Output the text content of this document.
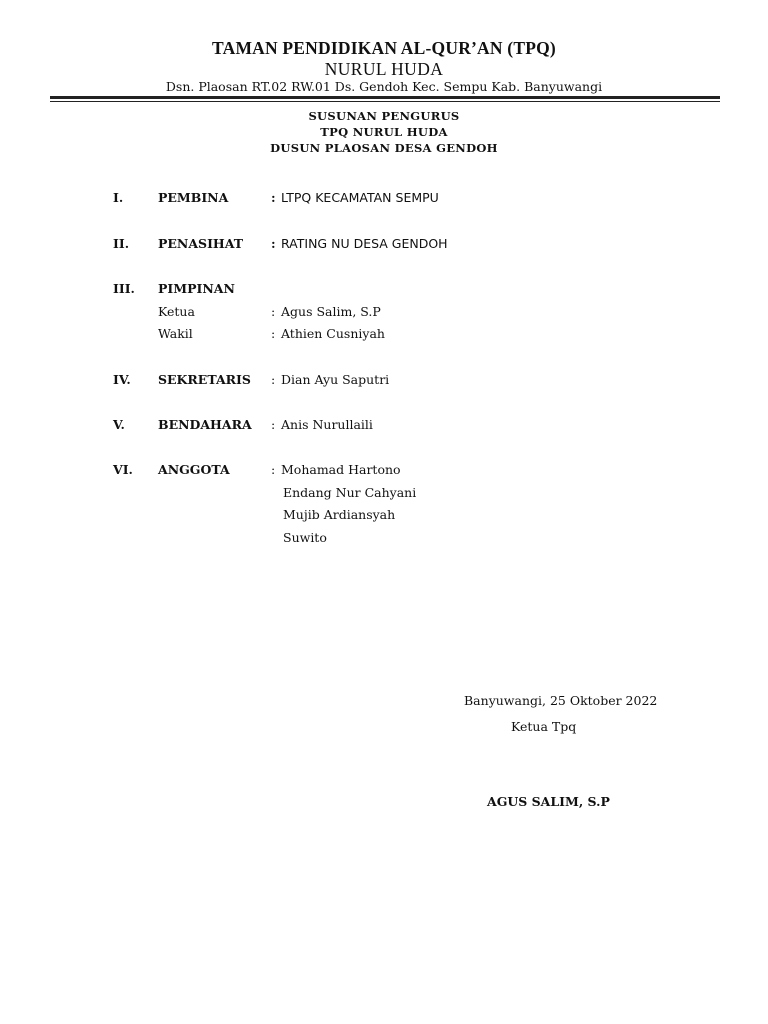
TAMAN PENDIDIKAN AL-QUR’AN (TPQ)
NURUL HUDA
Dsn. Plaosan RT.02 RW.01 Ds. Gendoh Kec. Sempu Kab. Banyuwangi
SUSUNAN PENGURUS
TPQ NURUL HUDA
DUSUN PLAOSAN DESA GENDOH
I.	PEMBINA	: LTPQ KECAMATAN SEMPU
II. PENASIHAT : RATING NU DESA GENDOH
III. PIMPINAN
Ketua	: Agus Salim, S.P
Wakil	: Athien Cusniyah
IV. SEKRETARIS : Dian Ayu Saputri
V.	BENDAHARA : Anis Nurullaili
VI. ANGGOTA	: Mohamad Hartono
Endang Nur Cahyani
Mujib Ardiansyah
Suwito
Banyuwangi, 25 Oktober 2022
Ketua Tpq
AGUS SALIM, S.P
